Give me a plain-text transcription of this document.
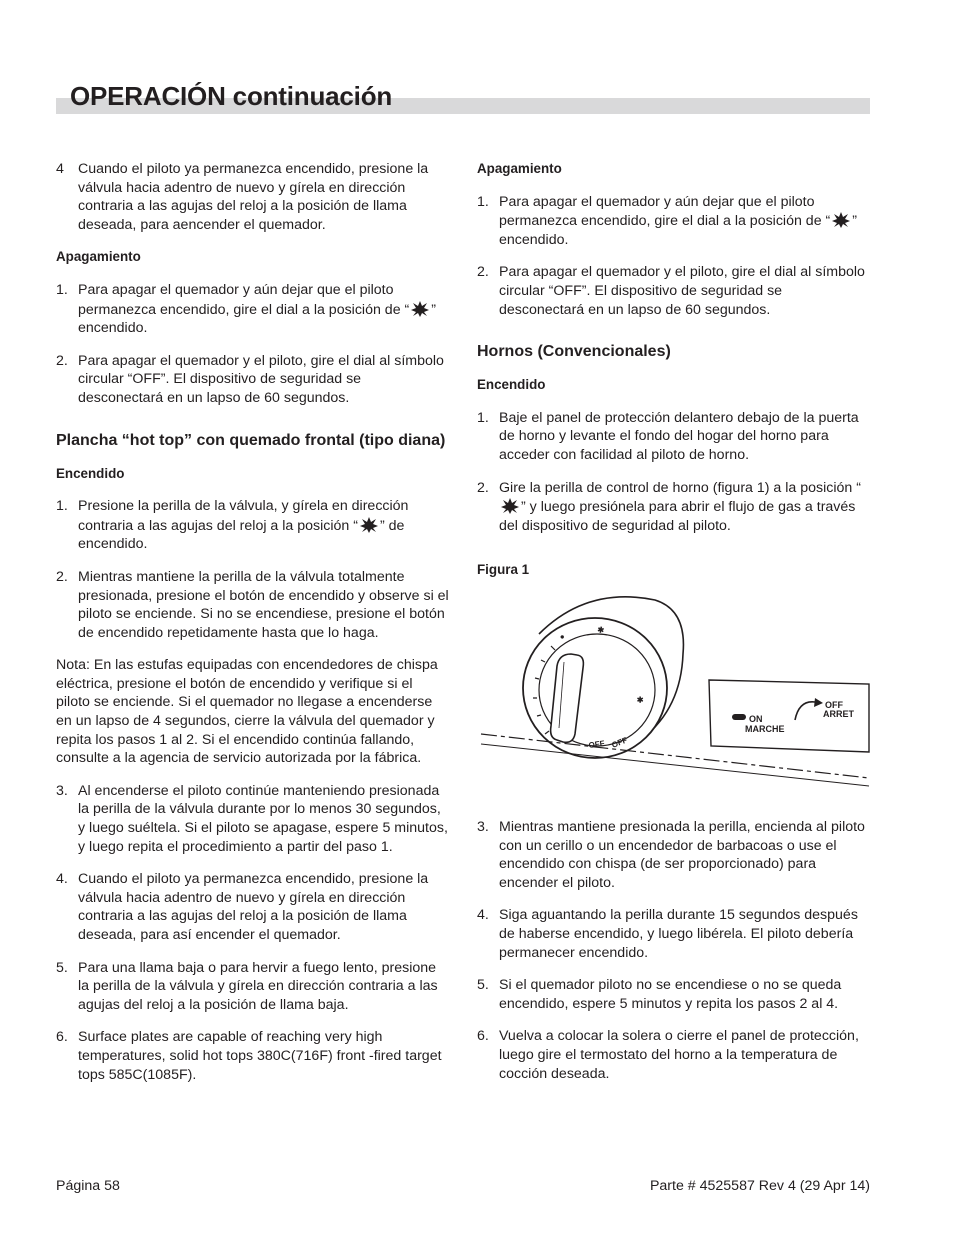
OPERACIÓN continuación
4 Cuando el piloto ya permanezca encendido, presione la válvula hacia adentro de nuevo y gírela en dirección contraria a las agujas del reloj a la posición de llama deseada, para aencender el quemador.
Apagamiento
1. Para apagar el quemador y aún dejar que el piloto permanezca encendido, gire el dial a la posición de “ ” encendido.
2. Para apagar el quemador y el piloto, gire el dial al símbolo circular “OFF”. El dispositivo de seguridad se desconectará en un lapso de 60 segundos.
Plancha “hot top” con quemado frontal (tipo diana)
Encendido
1. Presione la perilla de la válvula, y gírela en dirección contraria a las agujas del reloj a la posición “ ” de encendido.
2. Mientras mantiene la perilla de la válvula totalmente presionada, presione el botón de encendido y observe si el piloto se enciende. Si no se encendiese, presione el botón de encendido repetidamente hasta que lo haga.
Nota: En las estufas equipadas con encendedores de chispa eléctrica, presione el botón de encendido y verifique si el piloto se enciende. Si el quemador no llegase a encenderse en un lapso de 4 segundos, cierre la válvula del quemador y repita los pasos 1 al 2. Si el encendido continúa fallando, consulte a la agencia de servicio autorizada por la fábrica.
3. Al encenderse el piloto continúe manteniendo presionada la perilla de la válvula durante por lo menos 30 segundos, y luego suéltela. Si el piloto se apagase, espere 5 minutos, y luego repita el procedimiento a partir del paso 1.
4. Cuando el piloto ya permanezca encendido, presione la válvula hacia adentro de nuevo y gírela en dirección contraria a las agujas del reloj a la posición de llama deseada, para así encender el quemador.
5. Para una llama baja o para hervir a fuego lento, presione la perilla de la válvula y gírela en dirección contraria a las agujas del reloj a la posición de llama baja.
6. Surface plates are capable of reaching very high temperatures, solid hot tops 380C(716F) front -fired target tops 585C(1085F).
Apagamiento
1. Para apagar el quemador y aún dejar que el piloto permanezca encendido, gire el dial a la posición de “ ” encendido.
2. Para apagar el quemador y el piloto, gire el dial al símbolo circular “OFF”. El dispositivo de seguridad se desconectará en un lapso de 60 segundos.
Hornos (Convencionales)
Encendido
1. Baje el panel de protección delantero debajo de la puerta de horno y levante el fondo del hogar del horno para acceder con facilidad al piloto de horno.
2. Gire la perilla de control de horno (figura 1) a la posición “” y luego presiónela para abrir el flujo de gas a través del dispositivo de seguridad al piloto.
Figura 1
OFF OFF
●
✱
✱
ON
MARCHE
OFF
ARRET
3. Mientras mantiene presionada la perilla, encienda al piloto con un cerillo o un encendedor de barbacoas o use el encendido con chispa (de ser proporcionado) para encender el piloto.
4. Siga aguantando la perilla durante 15 segundos después de haberse encendido, y luego libérela. El piloto debería permanecer encendido.
5. Si el quemador piloto no se encendiese o no se queda encendido, espere 5 minutos y repita los pasos 2 al 4.
6. Vuelva a colocar la solera o cierre el panel de protección, luego gire el termostato del horno a la temperatura de cocción deseada.
Página 58	Parte # 4525587 Rev 4 (29 Apr 14)
